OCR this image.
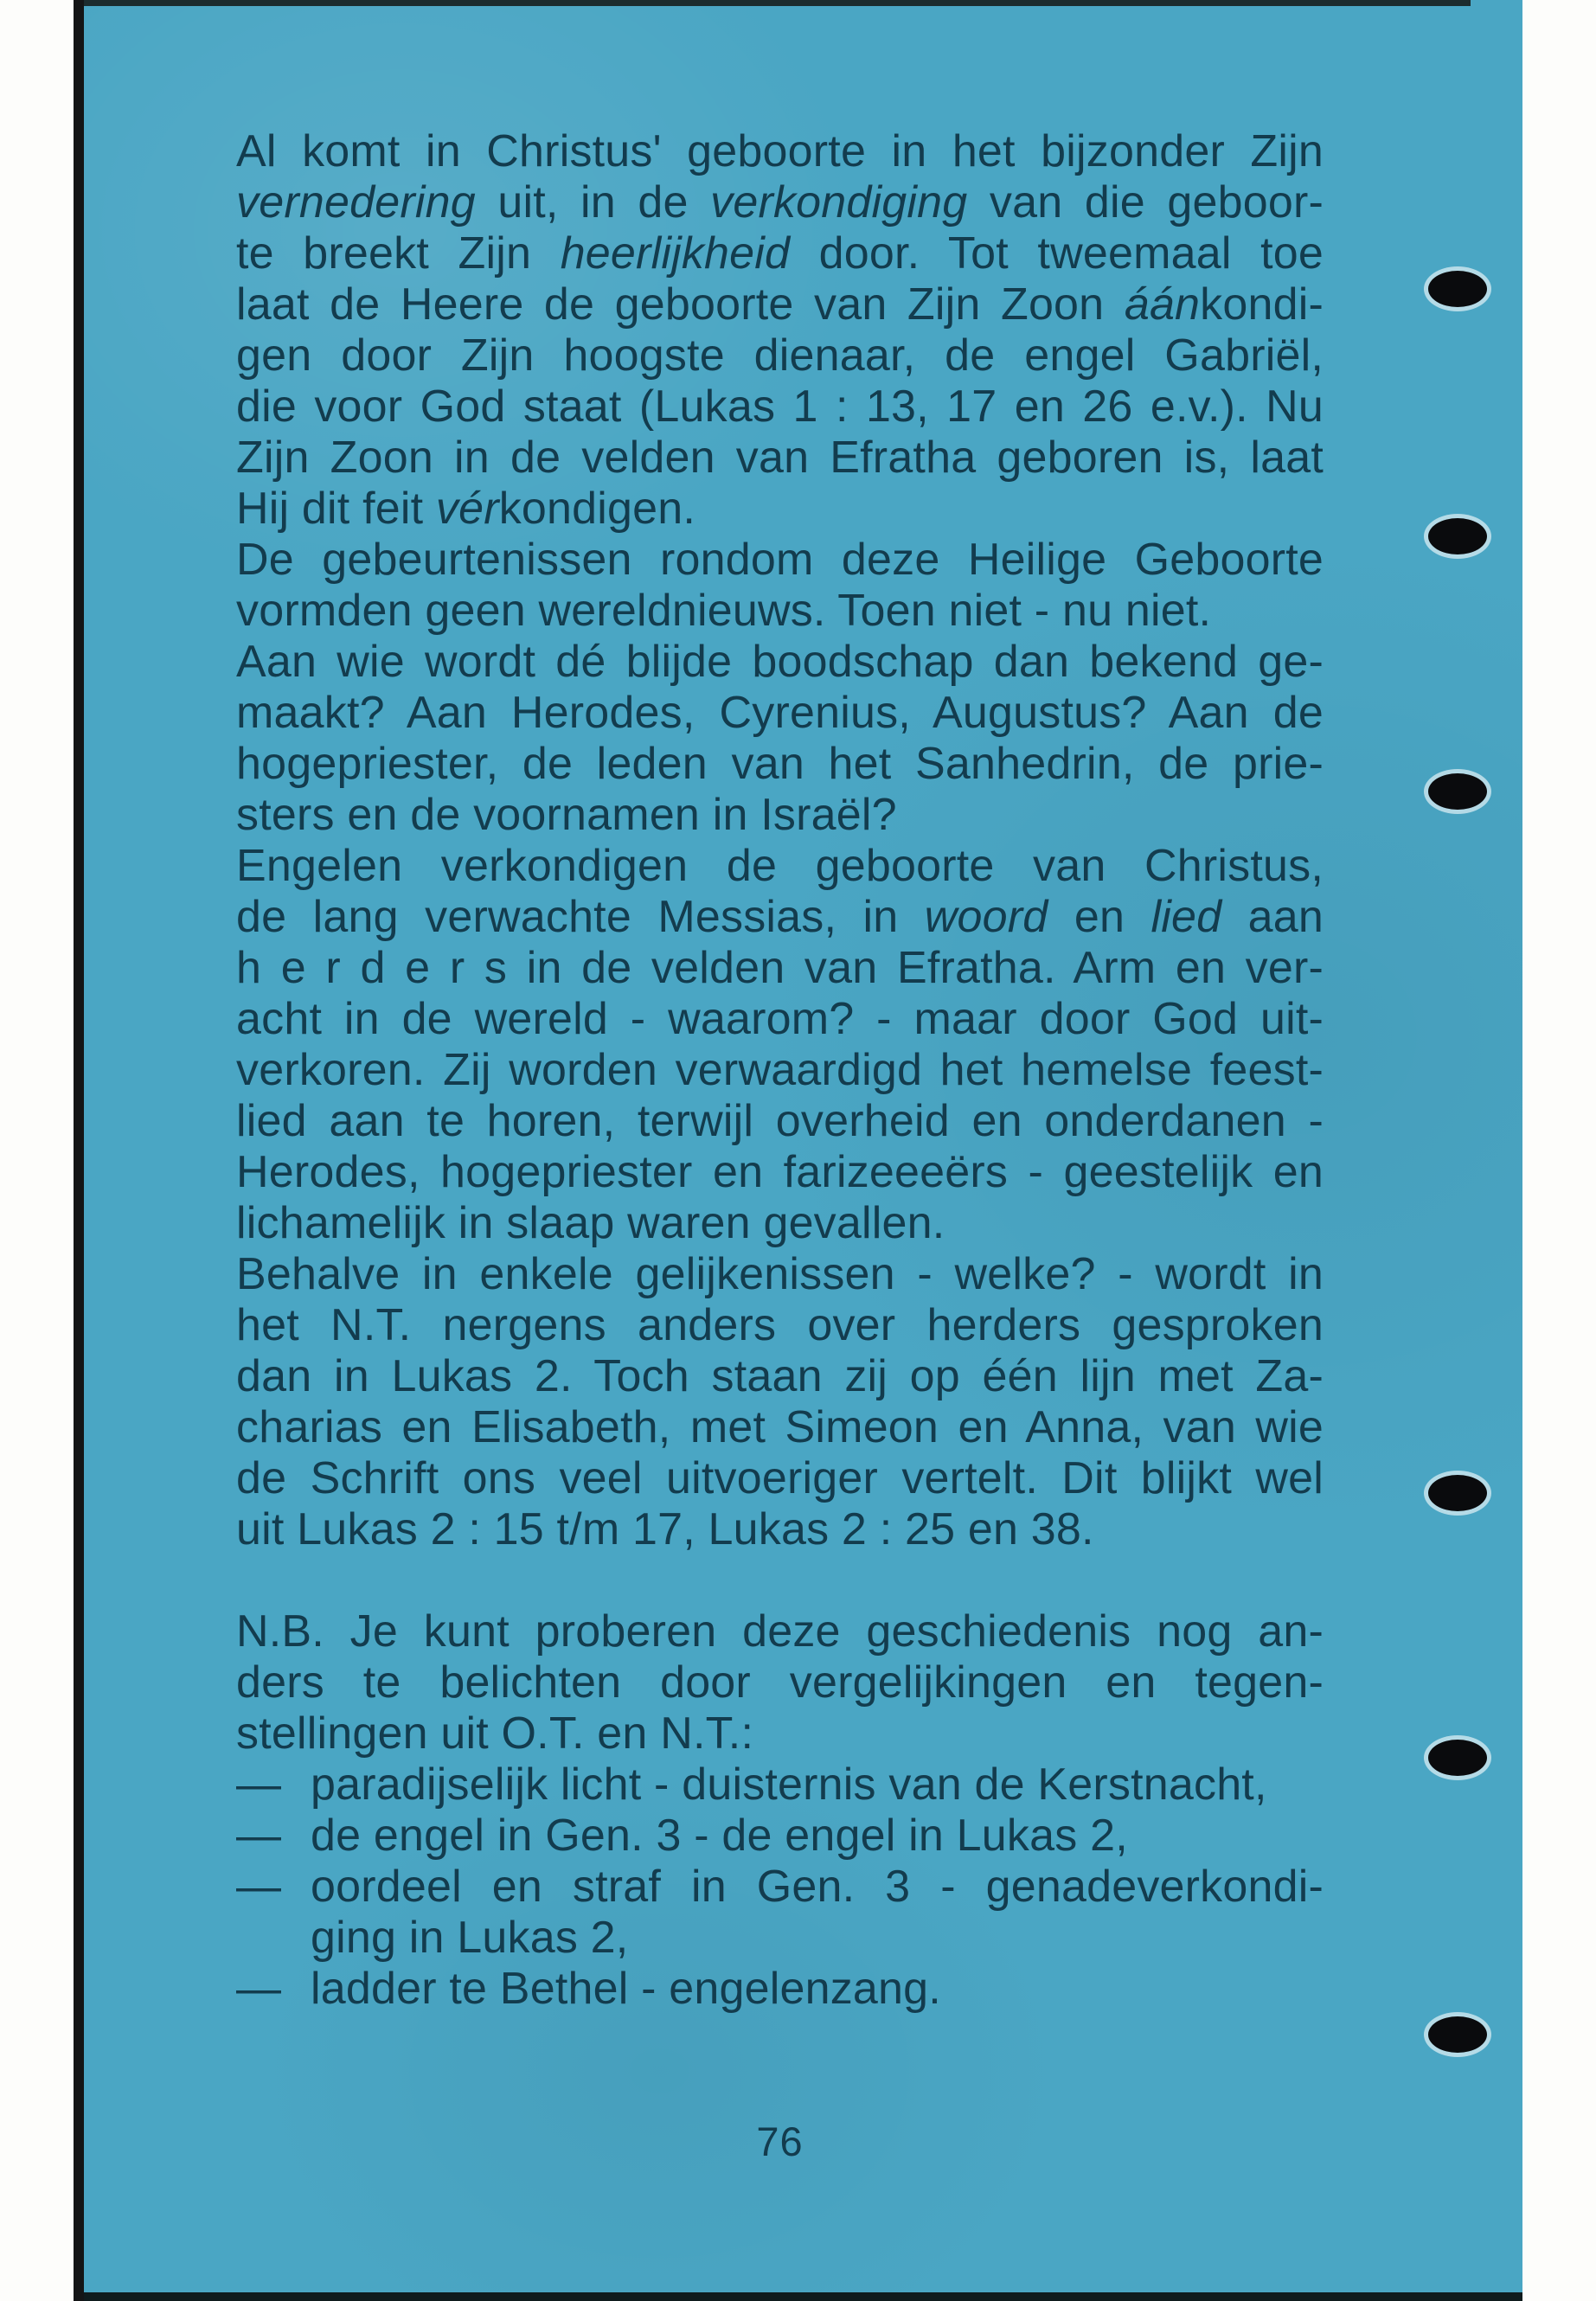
Al komt in Christus' geboorte in het bijzonder Zijn
vernedering uit, in de verkondiging van die geboor-
te breekt Zijn heerlijkheid door. Tot tweemaal toe
laat de Heere de geboorte van Zijn Zoon áánkondi-
gen door Zijn hoogste dienaar, de engel Gabriël,
die voor God staat (Lukas 1 : 13, 17 en 26 e.v.). Nu
Zijn Zoon in de velden van Efratha geboren is, laat
Hij dit feit vérkondigen.
De gebeurtenissen rondom deze Heilige Geboorte
vormden geen wereldnieuws. Toen niet - nu niet.
Aan wie wordt dé blijde boodschap dan bekend ge-
maakt? Aan Herodes, Cyrenius, Augustus? Aan de
hogepriester, de leden van het Sanhedrin, de prie-
sters en de voornamen in Israël?
Engelen verkondigen de geboorte van Christus,
de lang verwachte Messias, in woord en lied aan
h e r d e r s in de velden van Efratha. Arm en ver-
acht in de wereld - waarom? - maar door God uit-
verkoren. Zij worden verwaardigd het hemelse feest-
lied aan te horen, terwijl overheid en onderdanen -
Herodes, hogepriester en farizeeeërs - geestelijk en
lichamelijk in slaap waren gevallen.
Behalve in enkele gelijkenissen - welke? - wordt in
het N.T. nergens anders over herders gesproken
dan in Lukas 2. Toch staan zij op één lijn met Za-
charias en Elisabeth, met Simeon en Anna, van wie
de Schrift ons veel uitvoeriger vertelt. Dit blijkt wel
uit Lukas 2 : 15 t/m 17, Lukas 2 : 25 en 38.
N.B. Je kunt proberen deze geschiedenis nog an-
ders te belichten door vergelijkingen en tegen-
stellingen uit O.T. en N.T.:
— paradijselijk licht - duisternis van de Kerstnacht,
— de engel in Gen. 3 - de engel in Lukas 2,
— oordeel en straf in Gen. 3 - genadeverkondi-
ging in Lukas 2,
— ladder te Bethel - engelenzang.
76
